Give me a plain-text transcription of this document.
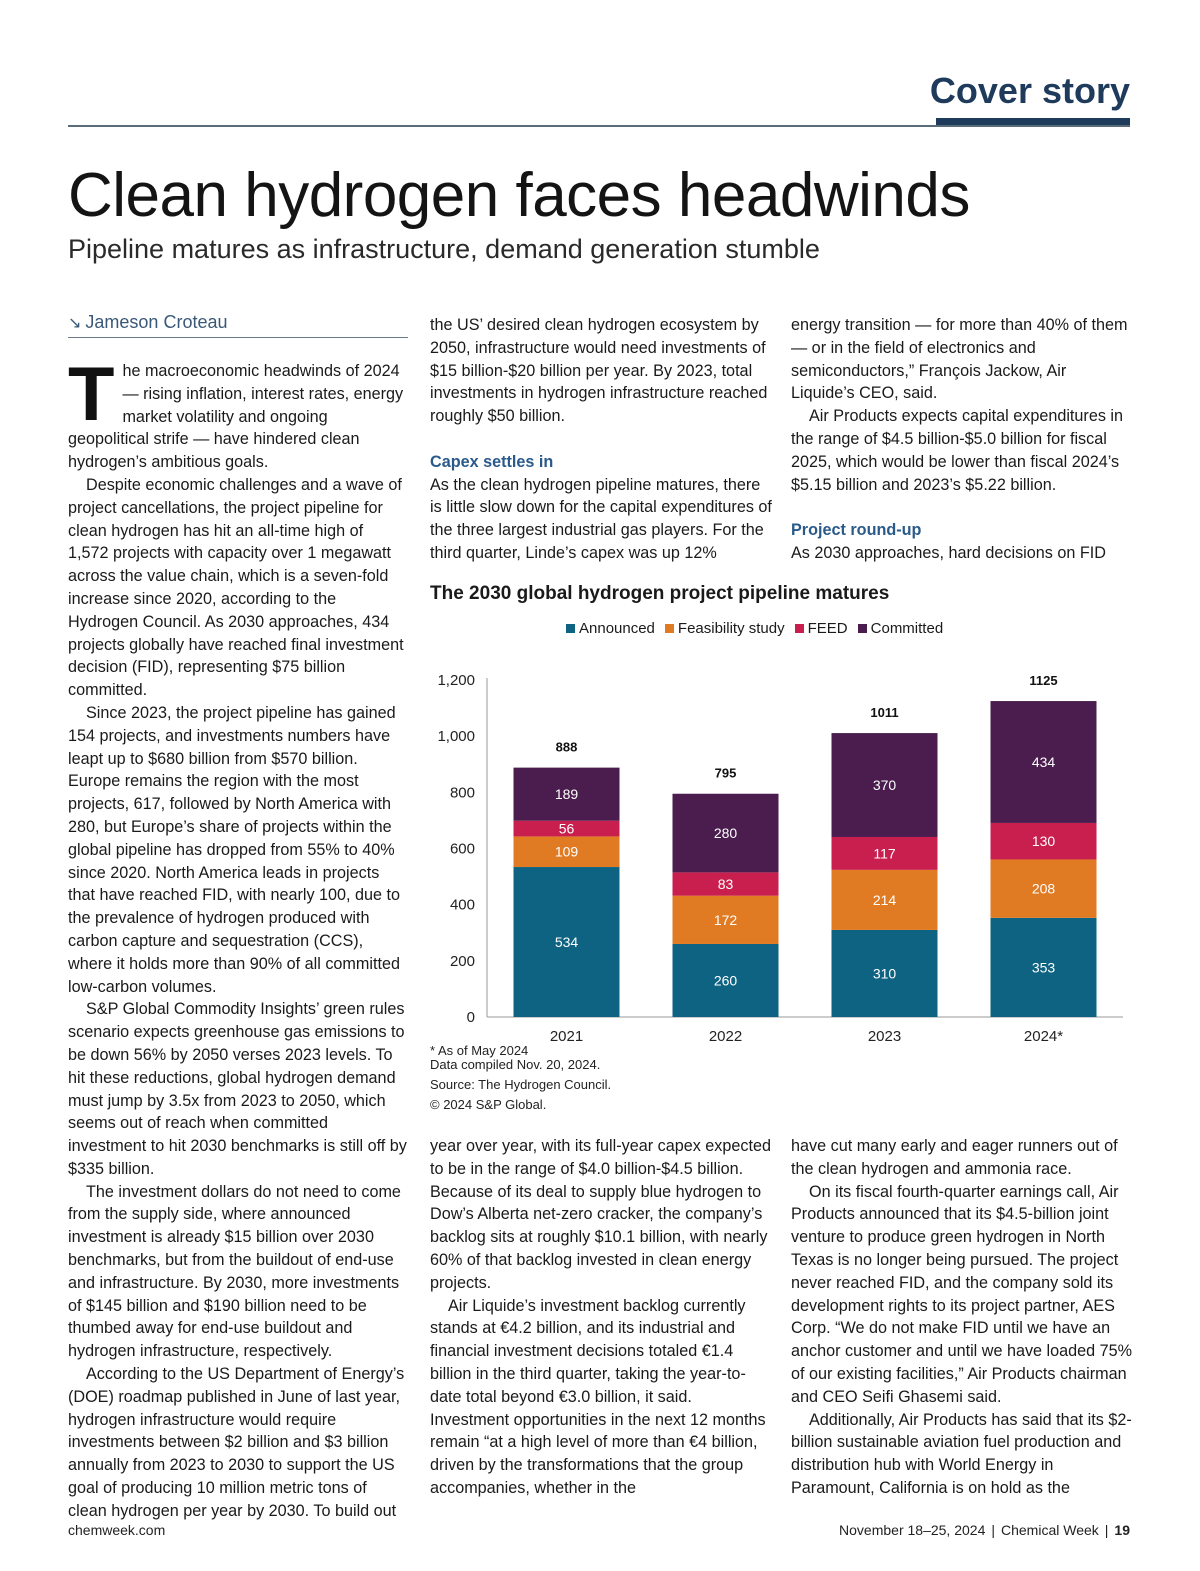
Cover story
Clean hydrogen faces headwinds
Pipeline matures as infrastructure, demand generation stumble
↘ Jameson Croteau

The macroeconomic headwinds of 2024 — rising inflation, interest rates, energy market volatility and ongoing geopolitical strife — have hindered clean hydrogen’s ambitious goals.

Despite economic challenges and a wave of project cancellations, the project pipeline for clean hydrogen has hit an all-time high of 1,572 projects with capacity over 1 megawatt across the value chain, which is a seven-fold increase since 2020, according to the Hydrogen Council. As 2030 approaches, 434 projects globally have reached final investment decision (FID), representing $75 billion committed.

Since 2023, the project pipeline has gained 154 projects, and investments numbers have leapt up to $680 billion from $570 billion. Europe remains the region with the most projects, 617, followed by North America with 280, but Europe’s share of projects within the global pipeline has dropped from 55% to 40% since 2020. North America leads in projects that have reached FID, with nearly 100, due to the prevalence of hydrogen produced with carbon capture and sequestration (CCS), where it holds more than 90% of all committed low-carbon volumes.

S&P Global Commodity Insights’ green rules scenario expects greenhouse gas emissions to be down 56% by 2050 verses 2023 levels. To hit these reductions, global hydrogen demand must jump by 3.5x from 2023 to 2050, which seems out of reach when committed investment to hit 2030 benchmarks is still off by $335 billion.

The investment dollars do not need to come from the supply side, where announced investment is already $15 billion over 2030 benchmarks, but from the buildout of end-use and infrastructure. By 2030, more investments of $145 billion and $190 billion need to be thumbed away for end-use buildout and hydrogen infrastructure, respectively.

According to the US Department of Energy’s (DOE) roadmap published in June of last year, hydrogen infrastructure would require investments between $2 billion and $3 billion annually from 2023 to 2030 to support the US goal of producing 10 million metric tons of clean hydrogen per year by 2030. To build out

the US’ desired clean hydrogen ecosystem by 2050, infrastructure would need investments of $15 billion-$20 billion per year. By 2023, total investments in hydrogen infrastructure reached roughly $50 billion.

Capex settles in

As the clean hydrogen pipeline matures, there is little slow down for the capital expenditures of the three largest industrial gas players. For the third quarter, Linde’s capex was up 12%

energy transition — for more than 40% of them — or in the field of electronics and semiconductors,” François Jackow, Air Liquide’s CEO, said.

Air Products expects capital expenditures in the range of $4.5 billion-$5.0 billion for fiscal 2025, which would be lower than fiscal 2024’s $5.15 billion and 2023’s $5.22 billion.

Project round-up

As 2030 approaches, hard decisions on FID

The 2030 global hydrogen project pipeline matures
Announced Feasibility study FEED Committed
0
200
400
600
800
1,000
1,200
534
109
56
189
888
2021
260
172
83
280
795
2022
310
214
117
370
1011
2023
353
208
130
434
1125
2024*

* As of May 2024

Data compiled Nov. 20, 2024.

Source: The Hydrogen Council.

© 2024 S&P Global.

year over year, with its full-year capex expected to be in the range of $4.0 billion-$4.5 billion. Because of its deal to supply blue hydrogen to Dow’s Alberta net-zero cracker, the company’s backlog sits at roughly $10.1 billion, with nearly 60% of that backlog invested in clean energy projects.

Air Liquide’s investment backlog currently stands at €4.2 billion, and its industrial and financial investment decisions totaled €1.4 billion in the third quarter, taking the year-to-date total beyond €3.0 billion, it said. Investment opportunities in the next 12 months remain “at a high level of more than €4 billion, driven by the transformations that the group accompanies, whether in the

have cut many early and eager runners out of the clean hydrogen and ammonia race.

On its fiscal fourth-quarter earnings call, Air Products announced that its $4.5-billion joint venture to produce green hydrogen in North Texas is no longer being pursued. The project never reached FID, and the company sold its development rights to its project partner, AES Corp. “We do not make FID until we have an anchor customer and until we have loaded 75% of our existing facilities,” Air Products chairman and CEO Seifi Ghasemi said.

Additionally, Air Products has said that its $2-billion sustainable aviation fuel production and distribution hub with World Energy in Paramount, California is on hold as the

chemweek.com	November 18–25, 2024 | Chemical Week | 19
